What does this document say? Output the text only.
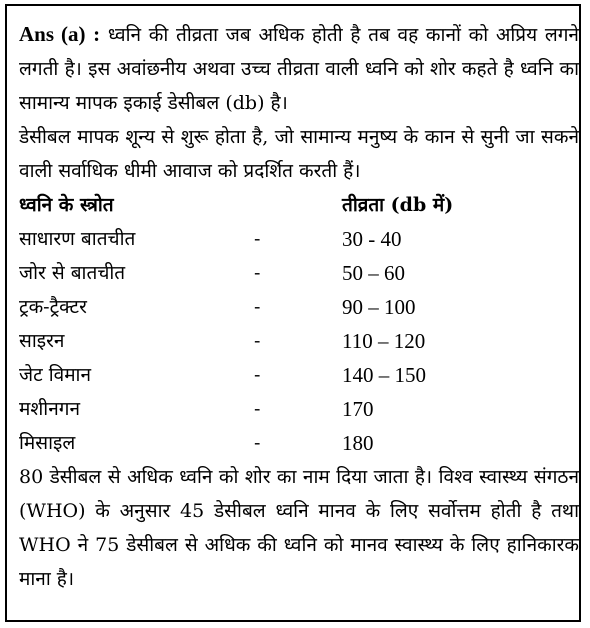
Ans (a) : ध्वनि की तीव्रता जब अधिक होती है तब वह कानों को अप्रिय लगने लगती है। इस अवांछनीय अथवा उच्च तीव्रता वाली ध्वनि को शोर कहते है ध्वनि का सामान्य मापक इकाई डेसीबल (db) है।

डेसीबल मापक शून्य से शुरू होता है, जो सामान्य मनुष्य के कान से सुनी जा सकने वाली सर्वाधिक धीमी आवाज को प्रदर्शित करती हैं।

ध्वनि के स्त्रोत	तीव्रता (db में)
साधारण बातचीत	-	30 - 40
जोर से बातचीत	-	50 – 60
ट्रक-ट्रैक्टर	-	90 – 100
साइरन	-	110 – 120
जेट विमान	-	140 – 150
मशीनगन	-	170
मिसाइल	-	180

80 डेसीबल से अधिक ध्वनि को शोर का नाम दिया जाता है। विश्व स्वास्थ्य संगठन (WHO) के अनुसार 45 डेसीबल ध्वनि मानव के लिए सर्वोत्तम होती है तथा WHO ने 75 डेसीबल से अधिक की ध्वनि को मानव स्वास्थ्य के लिए हानिकारक माना है।
